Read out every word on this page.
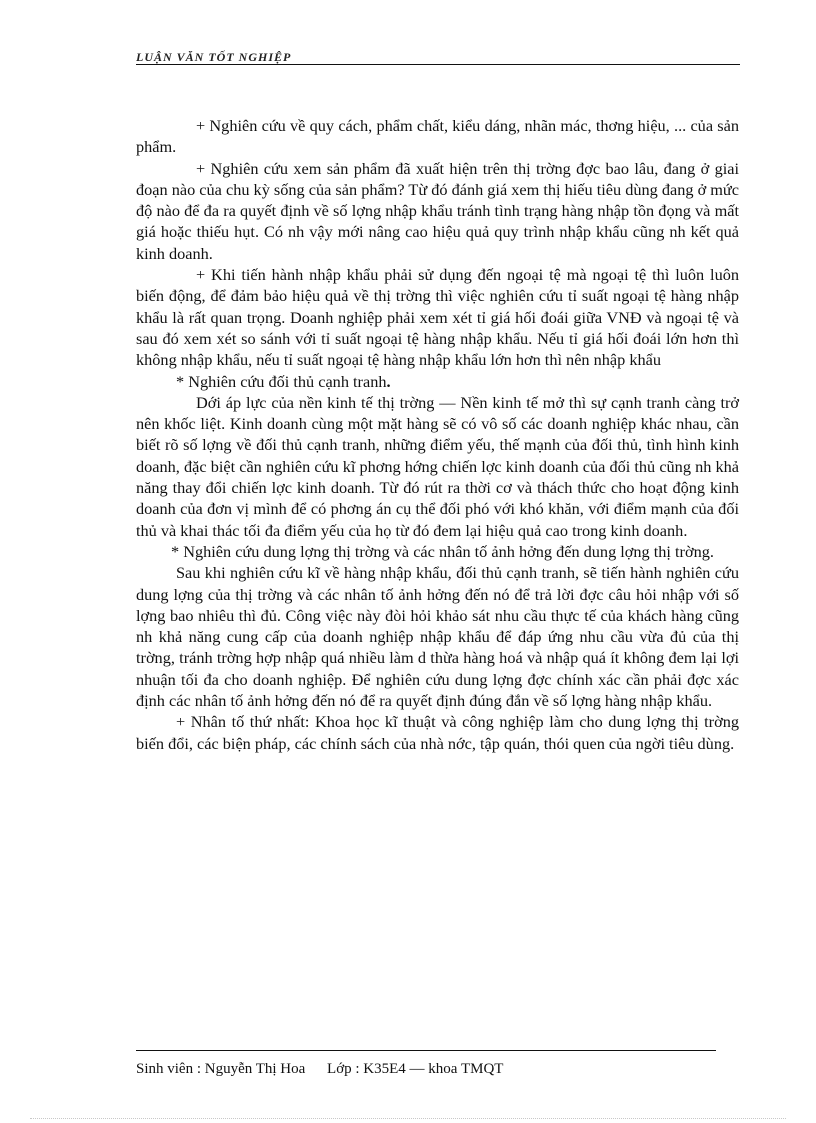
LUẬN VĂN TỐT NGHIỆP

+ Nghiên cứu về quy cách, phẩm chất, kiểu dáng, nhãn mác, thơng hiệu, ... của sản phẩm.

+ Nghiên cứu xem sản phẩm đã xuất hiện trên thị trờng đợc bao lâu, đang ở giai đoạn nào của chu kỳ sống của sản phẩm? Từ đó đánh giá xem thị hiếu tiêu dùng đang ở mức độ nào để đa ra quyết định về số lợng nhập khẩu tránh tình trạng hàng nhập tồn đọng và mất giá hoặc thiếu hụt. Có nh vậy mới nâng cao hiệu quả quy trình nhập khẩu cũng nh kết quả kinh doanh.

+ Khi tiến hành nhập khẩu phải sử dụng đến ngoại tệ mà ngoại tệ thì luôn luôn biến động, để đảm bảo hiệu quả về thị trờng thì việc nghiên cứu tỉ suất ngoại tệ hàng nhập khẩu là rất quan trọng. Doanh nghiệp phải xem xét tỉ giá hối đoái giữa VNĐ và ngoại tệ và sau đó xem xét so sánh với tỉ suất ngoại tệ hàng nhập khẩu. Nếu tỉ giá hối đoái lớn hơn thì không nhập khẩu, nếu tỉ suất ngoại tệ hàng nhập khẩu lớn hơn thì nên nhập khẩu

* Nghiên cứu đối thủ cạnh tranh.

Dới áp lực của nền kinh tế thị trờng — Nền kinh tế mở thì sự cạnh tranh càng trở nên khốc liệt. Kinh doanh cùng một mặt hàng sẽ có vô số các doanh nghiệp khác nhau, cần biết rõ số lợng về đối thủ cạnh tranh, những điểm yếu, thế mạnh của đối thủ, tình hình kinh doanh, đặc biệt cần nghiên cứu kĩ phơng hớng chiến lợc kinh doanh của đối thủ cũng nh khả năng thay đổi chiến lợc kinh doanh. Từ đó rút ra thời cơ và thách thức cho hoạt động kinh doanh của đơn vị mình để có phơng án cụ thể đối phó với khó khăn, với điểm mạnh của đối thủ và khai thác tối đa điểm yếu của họ từ đó đem lại hiệu quả cao trong kinh doanh.

* Nghiên cứu dung lợng thị trờng và các nhân tố ảnh hởng đến dung lợng thị trờng.

Sau khi nghiên cứu kĩ về hàng nhập khẩu, đối thủ cạnh tranh, sẽ tiến hành nghiên cứu dung lợng của thị trờng và các nhân tố ảnh hởng đến nó để trả lời đợc câu hỏi nhập với số lợng bao nhiêu thì đủ. Công việc này đòi hỏi khảo sát nhu cầu thực tế của khách hàng cũng nh khả năng cung cấp của doanh nghiệp nhập khẩu để đáp ứng nhu cầu vừa đủ của thị trờng, tránh trờng hợp nhập quá nhiều làm d thừa hàng hoá và nhập quá ít không đem lại lợi nhuận tối đa cho doanh nghiệp. Để nghiên cứu dung lợng đợc chính xác cần phải đợc xác định các nhân tố ảnh hởng đến nó để ra quyết định đúng đắn về số lợng hàng nhập khẩu.

+ Nhân tố thứ nhất: Khoa học kĩ thuật và công nghiệp làm cho dung lợng thị trờng biến đổi, các biện pháp, các chính sách của nhà nớc, tập quán, thói quen của ngời tiêu dùng.

Sinh viên : Nguyễn Thị Hoa Lớp : K35E4 — khoa TMQT
